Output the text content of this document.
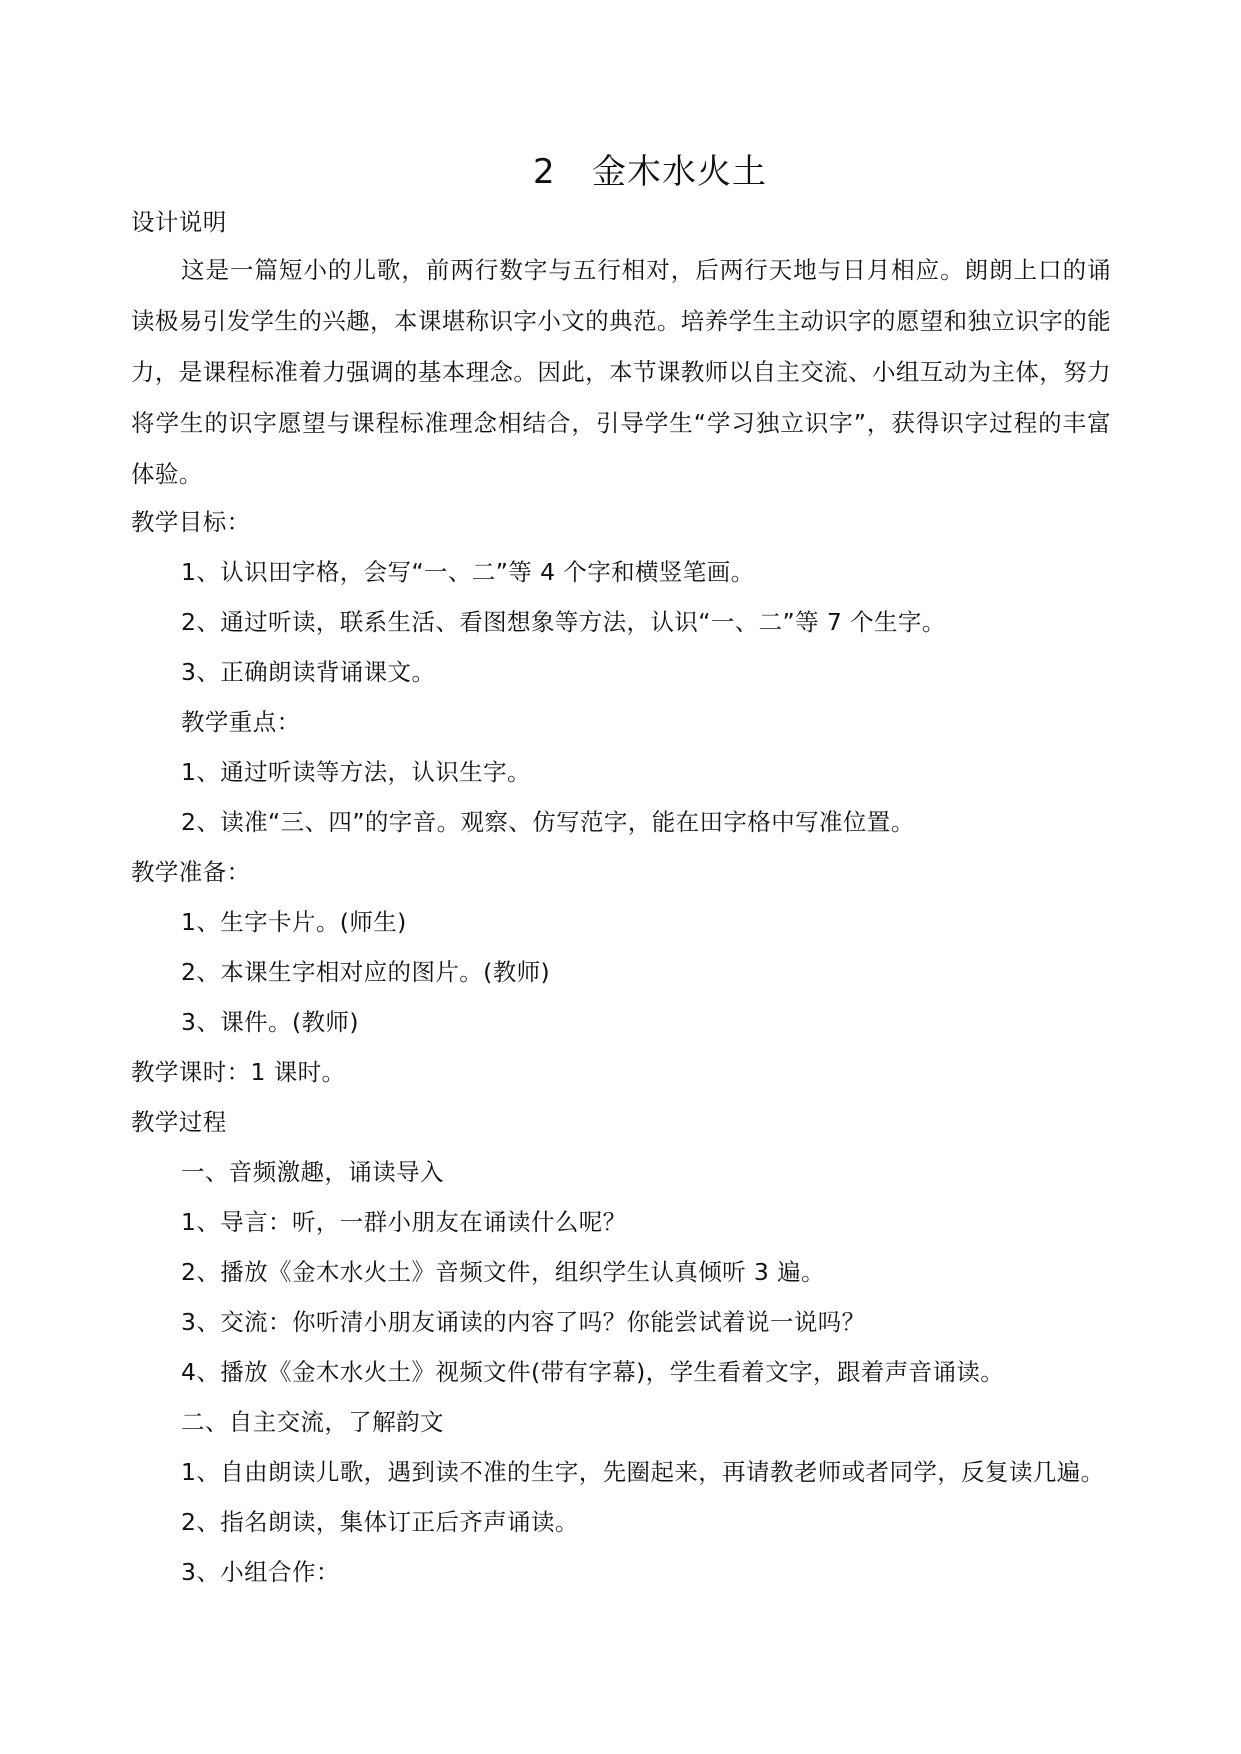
2 金木水火土
设计说明
这是一篇短小的儿歌，前两行数字与五行相对，后两行天地与日月相应。朗朗上口的诵读极易引发学生的兴趣，本课堪称识字小文的典范。培养学生主动识字的愿望和独立识字的能力，是课程标准着力强调的基本理念。因此，本节课教师以自主交流、小组互动为主体，努力将学生的识字愿望与课程标准理念相结合，引导学生“学习独立识字”，获得识字过程的丰富体验。
教学目标：
1、认识田字格，会写“一、二”等 4 个字和横竖笔画。
2、通过听读，联系生活、看图想象等方法，认识“一、二”等 7 个生字。
3、正确朗读背诵课文。
教学重点：
1、通过听读等方法，认识生字。
2、读准“三、四”的字音。观察、仿写范字，能在田字格中写准位置。
教学准备：
1、生字卡片。(师生)
2、本课生字相对应的图片。(教师)
3、课件。(教师)
教学课时：1 课时。
教学过程
一、音频激趣，诵读导入
1、导言：听，一群小朋友在诵读什么呢？
2、播放《金木水火土》音频文件，组织学生认真倾听 3 遍。
3、交流：你听清小朋友诵读的内容了吗？你能尝试着说一说吗？
4、播放《金木水火土》视频文件(带有字幕)，学生看着文字，跟着声音诵读。
二、自主交流，了解韵文
1、自由朗读儿歌，遇到读不准的生字，先圈起来，再请教老师或者同学，反复读几遍。
2、指名朗读，集体订正后齐声诵读。
3、小组合作：
